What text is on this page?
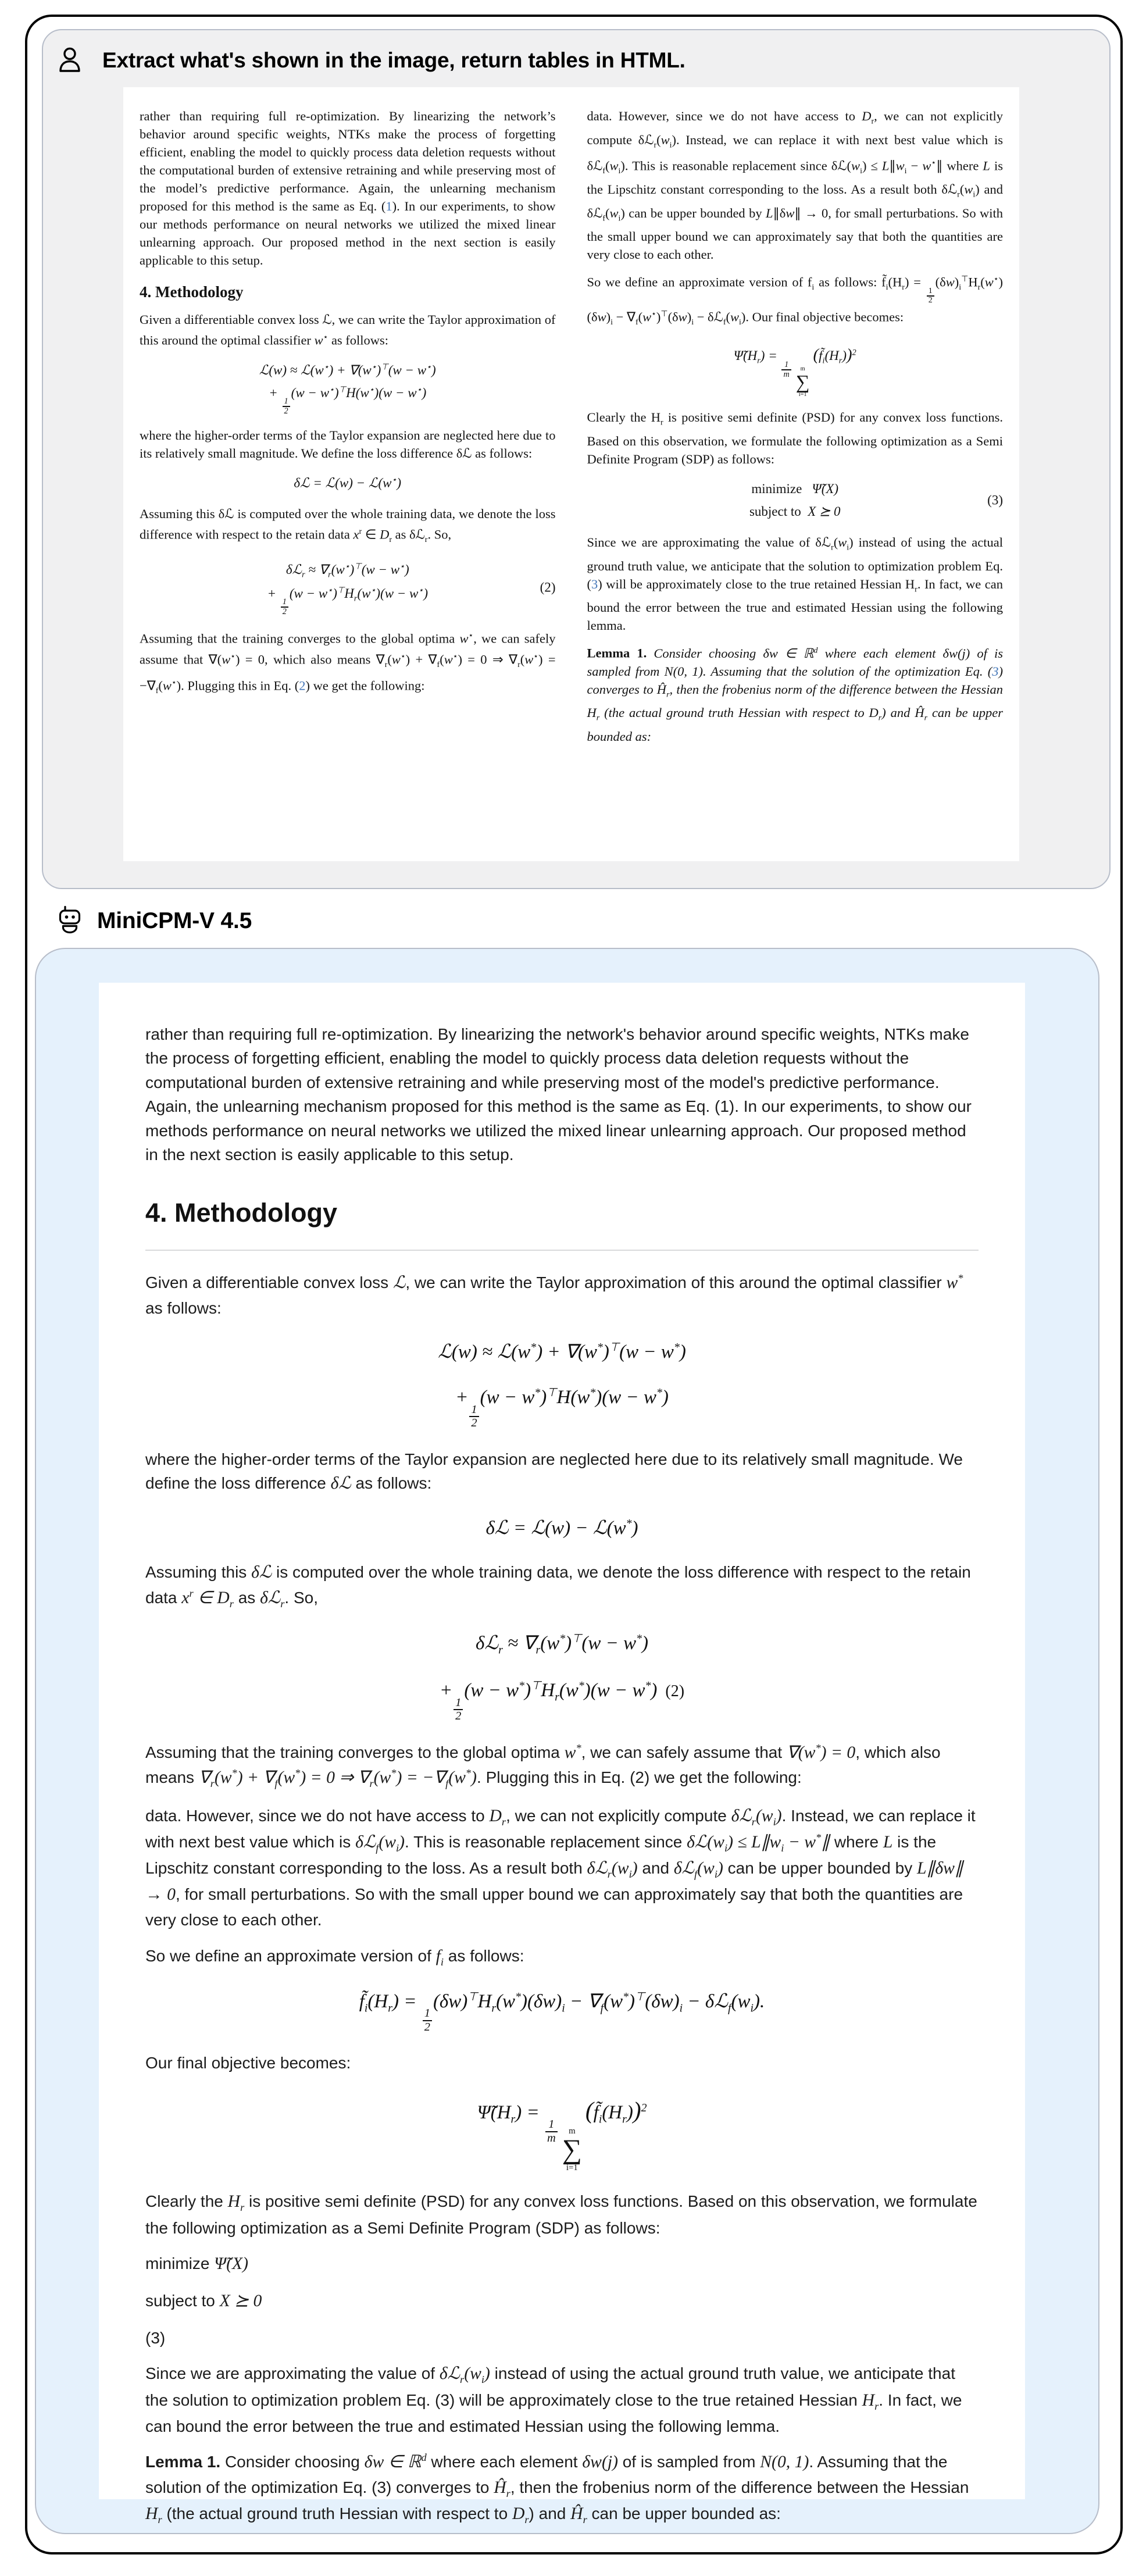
Extract what's shown in the image, return tables in HTML.
rather than requiring full re-optimization. By linearizing the network’s behavior around specific weights, NTKs make the process of forgetting efficient, enabling the model to quickly process data deletion requests without the computational burden of extensive retraining and while preserving most of the model’s predictive performance. Again, the unlearning mechanism proposed for this method is the same as Eq. (1). In our experiments, to show our methods performance on neural networks we utilized the mixed linear unlearning approach. Our proposed method in the next section is easily applicable to this setup.
4. Methodology
Given a differentiable convex loss ℒ, we can write the Taylor approximation of this around the optimal classifier w⋆ as follows:
ℒ(w) ≈ ℒ(w⋆) + ∇(w⋆)⊤(w − w⋆)
+
$\frac{1}{2}$
(w − w⋆)⊤H(w⋆)(w − w⋆)
where the higher-order terms of the Taylor expansion are neglected here due to its relatively small magnitude. We define the loss difference δℒ as follows:
δℒ = ℒ(w) − ℒ(w⋆)
Assuming this δℒ is computed over the whole training data, we denote the loss difference with respect to the retain data $x^r$ ∈ $D_r$ as δℒ$_r$. So,
δℒ$_r$ ≈ $\nabla_r(w^⋆)^⊤(w - w^⋆)$
+
$\frac{1}{2}$
$(w - w^⋆)^⊤H_r(w^⋆)(w - w^⋆)$	(2)
Assuming that the training converges to the global optima w⋆, we can safely assume that ∇(w⋆) = 0, which also means $\nabla_r(w^⋆) + \nabla_f(w^⋆) = 0$ ⇒ $\nabla_r(w^⋆) = -\nabla_f(w^⋆)$. Plugging this in Eq. (2) we get the following:
data. However, since we do not have access to $D_r$, we can not explicitly compute $\delta ℒ_r(w_i)$. Instead, we can replace it with next best value which is $\delta ℒ_f(w_i)$. This is reasonable replacement since $\delta ℒ(w_i)$ ≤ $L\parallel w_i$ − w⋆∥ where L is the Lipschitz constant corresponding to the loss. As a result both $\delta ℒ_r(w_i)$ and $\delta ℒ_f(w_i)$ can be upper bounded by L∥δw∥ → 0, for small perturbations. So with the small upper bound we can approximately say that both the quantities are very close to each other.
So we define an approximate version of $f_i$ as follows: $f̃_i(H_r)$ =
$\frac{1}{2}$
$(\delta w)_i^⊤H_r(w^⋆)(\delta w)_i - \nabla_f(w^⋆)^⊤(\delta w)_i$ − $\delta ℒ_f(w_i)$. Our final objective becomes:
$\Psĩ(H_r)$ =
$\frac{1}{m}$ m
∑
i=1
$(f̃_i(H_r))^2$
Clearly the $H_r$ is positive semi definite (PSD) for any convex loss functions. Based on this observation, we formulate the following optimization as a Semi Definite Program (SDP) as follows:
minimize   Ψ̃(X)
subject to  X ⪰ 0
(3)
Since we are approximating the value of $\delta ℒ_r(w_i)$ instead of using the actual ground truth value, we anticipate that the solution to optimization problem Eq. (3) will be approximately close to the true retained Hessian $H_r$. In fact, we can bound the error between the true and estimated Hessian using the following lemma.
Lemma 1. Consider choosing δw ∈ ℝ$^d$ where each element δw(j) of is sampled from N(0, 1). Assuming that the solution of the optimization Eq. (3) converges to $Ĥ_r$, then the frobenius norm of the difference between the Hessian $H_r$ (the actual ground truth Hessian with respect to $D_r$) and $Ĥ_r$ can be upper bounded as:
MiniCPM-V 4.5
rather than requiring full re-optimization. By linearizing the network's behavior around specific weights, NTKs make the process of forgetting efficient, enabling the model to quickly process data deletion requests without the computational burden of extensive retraining and while preserving most of the model's predictive performance. Again, the unlearning mechanism proposed for this method is the same as Eq. (1). In our experiments, to show our methods performance on neural networks we utilized the mixed linear unlearning approach. Our proposed method in the next section is easily applicable to this setup.
4. Methodology
Given a differentiable convex loss ℒ, we can write the Taylor approximation of this around the optimal classifier w* as follows:
ℒ(w) ≈ ℒ(w*) + ∇(w*)⊤(w − w*)
+
$\frac{1}{2}$
(w − w*)⊤H(w*)(w − w*)
where the higher-order terms of the Taylor expansion are neglected here due to its relatively small magnitude. We define the loss difference δℒ as follows:
δℒ = ℒ(w) − ℒ(w*)
Assuming this δℒ is computed over the whole training data, we denote the loss difference with respect to the retain data $x^r$ ∈ $D_r$ as δℒ$_r$. So,
δℒ$_r$ ≈ $\nabla_r(w^*)^⊤(w - w^*)$
+
$\frac{1}{2}$
$(w - w^*)^⊤H_r(w^*)(w - w^*)$ (2)
Assuming that the training converges to the global optima w*, we can safely assume that ∇(w*) = 0, which also means $\nabla_r(w^*) + \nabla_f(w^*) = 0$ ⇒ $\nabla_r(w^*) = -\nabla_f(w^*)$. Plugging this in Eq. (2) we get the following:
data. However, since we do not have access to $D_r$, we can not explicitly compute $\delta ℒ_r(w_i)$. Instead, we can replace it with next best value which is $\delta ℒ_f(w_i)$. This is reasonable replacement since $\delta ℒ(w_i)$ ≤ $L\parallel w_i$ − w*∥ where L is the Lipschitz constant corresponding to the loss. As a result both $\delta ℒ_r(w_i)$ and $\delta ℒ_f(w_i)$ can be upper bounded by L∥δw∥ → 0, for small perturbations. So with the small upper bound we can approximately say that both the quantities are very close to each other.
So we define an approximate version of $f_i$ as follows:
$f̃_i(H_r)$ =
$\frac{1}{2}$
$(\delta w)^⊤H_r(w^*)(\delta w)_i - \nabla_f(w^*)^⊤(\delta w)_i$ − $\delta ℒ_f(w_i)$.
Our final objective becomes:
$\Psĩ(H_r)$ =
$\frac{1}{m}$ m
∑
i=1
$(f̃_i(H_r))^2$
Clearly the $H_r$ is positive semi definite (PSD) for any convex loss functions. Based on this observation, we formulate the following optimization as a Semi Definite Program (SDP) as follows:
minimize Ψ̃(X)
subject to X ⪰ 0
(3)
Since we are approximating the value of $\delta ℒ_r(w_i)$ instead of using the actual ground truth value, we anticipate that the solution to optimization problem Eq. (3) will be approximately close to the true retained Hessian $H_r$. In fact, we can bound the error between the true and estimated Hessian using the following lemma.
Lemma 1. Consider choosing δw ∈ ℝ$^d$ where each element δw(j) of is sampled from N(0, 1). Assuming that the solution of the optimization Eq. (3) converges to $Ĥ_r$, then the frobenius norm of the difference between the Hessian $H_r$ (the actual ground truth Hessian with respect to $D_r$) and $Ĥ_r$ can be upper bounded as:
